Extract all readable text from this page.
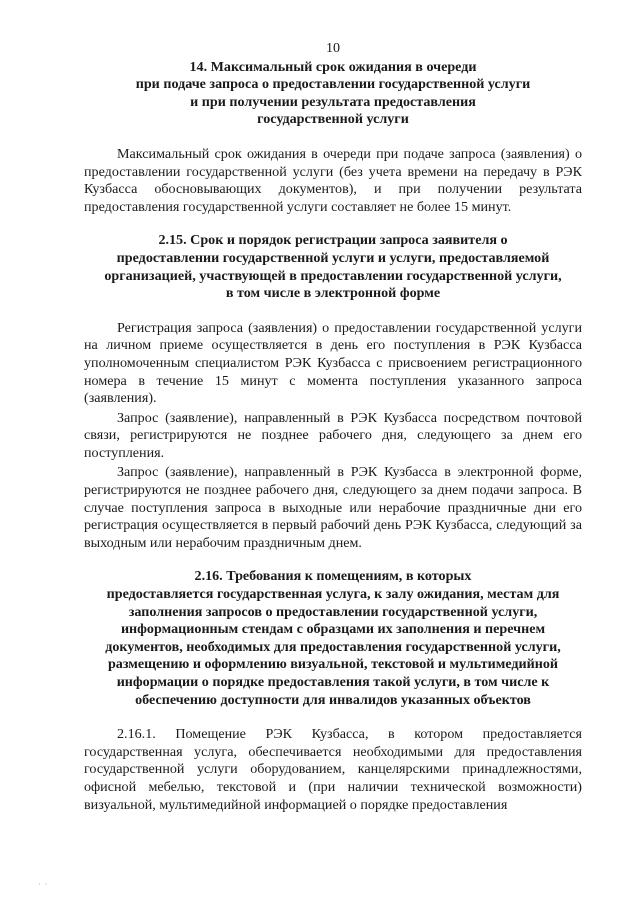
10
14. Максимальный срок ожидания в очереди
при подаче запроса о предоставлении государственной услуги
и при получении результата предоставления
государственной услуги

Максимальный срок ожидания в очереди при подаче запроса (заявления) о предоставлении государственной услуги (без учета времени на передачу в РЭК Кузбасса обосновывающих документов), и при получении результата предоставления государственной услуги составляет не более 15 минут.

2.15. Срок и порядок регистрации запроса заявителя о
предоставлении государственной услуги и услуги, предоставляемой
организацией, участвующей в предоставлении государственной услуги,
в том числе в электронной форме

Регистрация запроса (заявления) о предоставлении государственной услуги на личном приеме осуществляется в день его поступления в РЭК Кузбасса уполномоченным специалистом РЭК Кузбасса с присвоением регистрационного номера в течение 15 минут с момента поступления указанного запроса (заявления).

Запрос (заявление), направленный в РЭК Кузбасса посредством почтовой связи, регистрируются не позднее рабочего дня, следующего за днем его поступления.

Запрос (заявление), направленный в РЭК Кузбасса в электронной форме, регистрируются не позднее рабочего дня, следующего за днем подачи запроса. В случае поступления запроса в выходные или нерабочие праздничные дни его регистрация осуществляется в первый рабочий день РЭК Кузбасса, следующий за выходным или нерабочим праздничным днем.

2.16. Требования к помещениям, в которых
предоставляется государственная услуга, к залу ожидания, местам для
заполнения запросов о предоставлении государственной услуги,
информационным стендам с образцами их заполнения и перечнем
документов, необходимых для предоставления государственной услуги,
размещению и оформлению визуальной, текстовой и мультимедийной
информации о порядке предоставления такой услуги, в том числе к
обеспечению доступности для инвалидов указанных объектов

2.16.1. Помещение РЭК Кузбасса, в котором предоставляется государственная услуга, обеспечивается необходимыми для предоставления государственной услуги оборудованием, канцелярскими принадлежностями, офисной мебелью, текстовой и (при наличии технической возможности) визуальной, мультимедийной информацией о порядке предоставления

· ·
